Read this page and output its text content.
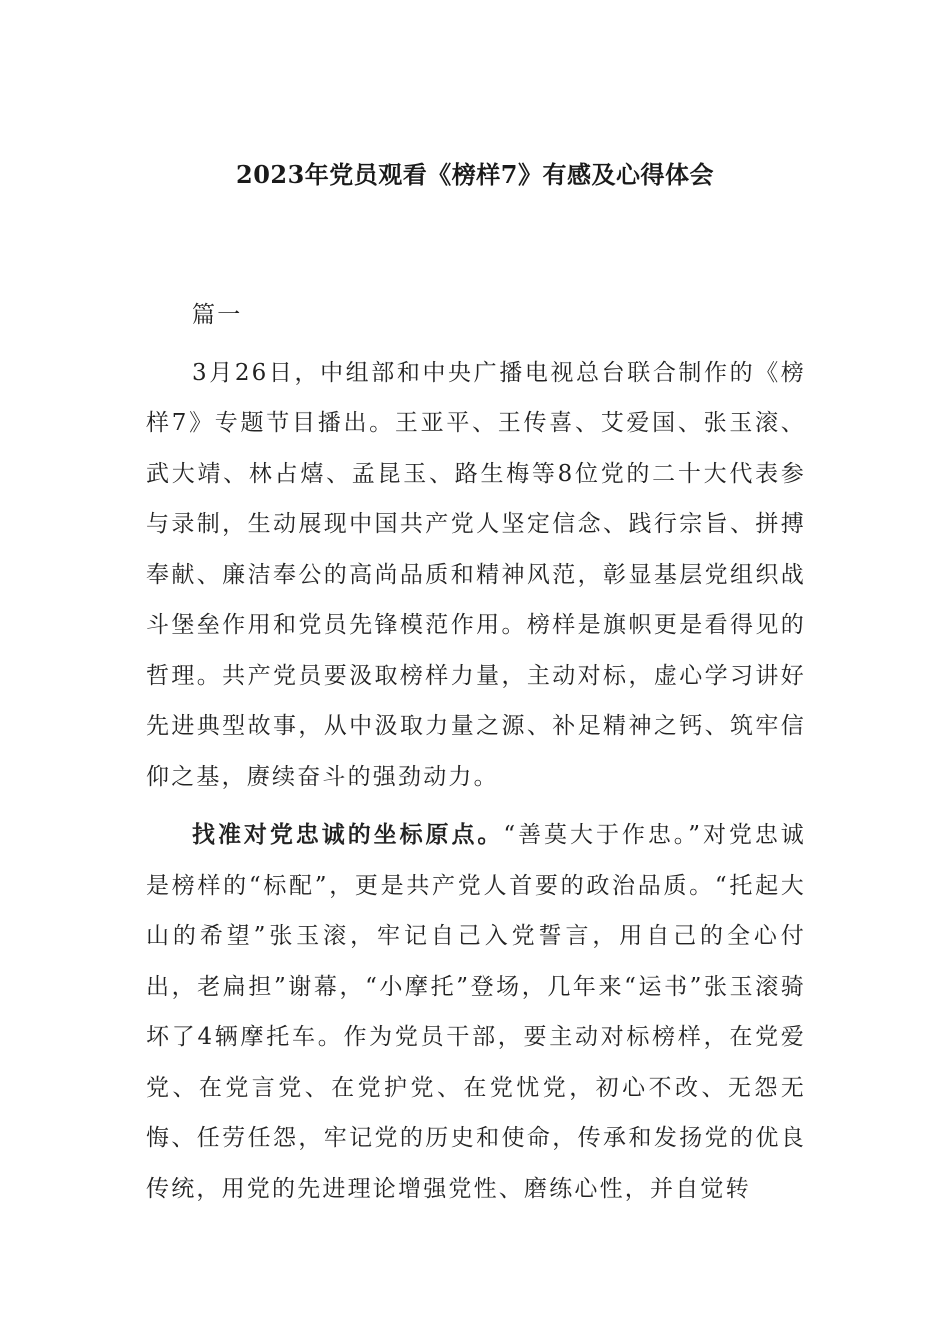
2023年党员观看《榜样7》有感及心得体会

篇一

3月26日，中组部和中央广播电视总台联合制作的《榜样7》专题节目播出。王亚平、王传喜、艾爱国、张玉滚、武大靖、林占熺、孟昆玉、路生梅等8位党的二十大代表参与录制，生动展现中国共产党人坚定信念、践行宗旨、拼搏奉献、廉洁奉公的高尚品质和精神风范，彰显基层党组织战斗堡垒作用和党员先锋模范作用。榜样是旗帜更是看得见的哲理。共产党员要汲取榜样力量，主动对标，虚心学习讲好先进典型故事，从中汲取力量之源、补足精神之钙、筑牢信仰之基，赓续奋斗的强劲动力。

找准对党忠诚的坐标原点。“善莫大于作忠。”对党忠诚是榜样的“标配”，更是共产党人首要的政治品质。“托起大山的希望”张玉滚，牢记自己入党誓言，用自己的全心付出，老扁担”谢幕，“小摩托”登场，几年来“运书”张玉滚骑坏了4辆摩托车。作为党员干部，要主动对标榜样，在党爱党、在党言党、在党护党、在党忧党，初心不改、无怨无悔、任劳任怨，牢记党的历史和使命，传承和发扬党的优良传统，用党的先进理论增强党性、磨练心性，并自觉转
